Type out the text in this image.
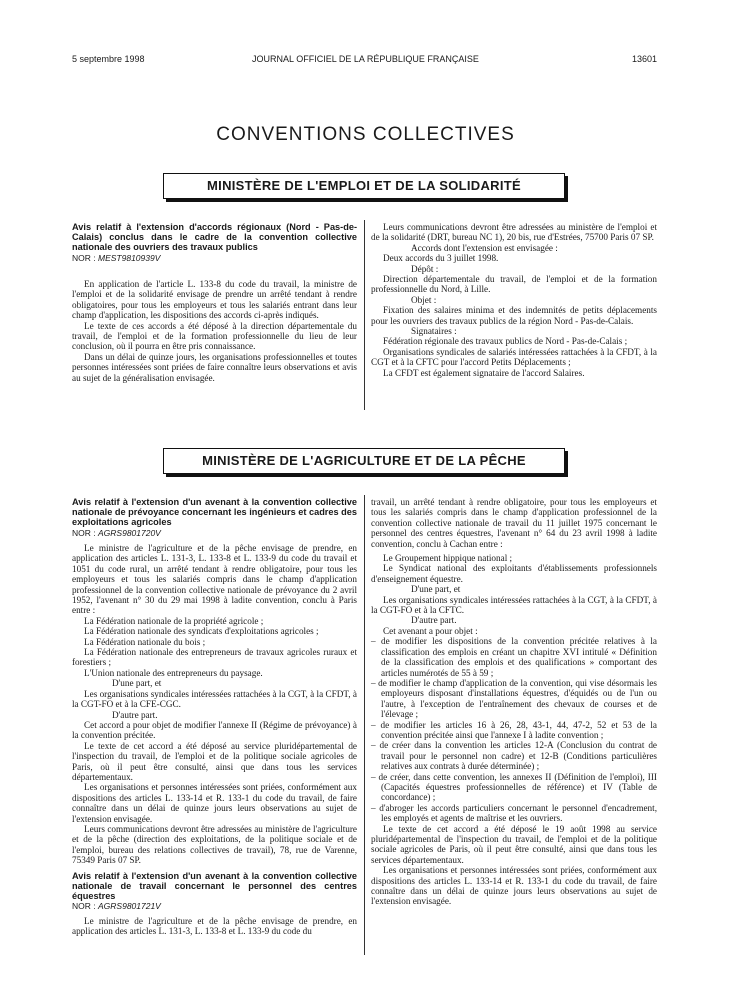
5 septembre 1998	JOURNAL OFFICIEL DE LA RÉPUBLIQUE FRANÇAISE	13601
CONVENTIONS COLLECTIVES
MINISTÈRE DE L'EMPLOI ET DE LA SOLIDARITÉ

Avis relatif à l'extension d'accords régionaux (Nord - Pas-de-Calais) conclus dans le cadre de la convention collective nationale des ouvriers des travaux publics

NOR : MESТ9810939V

En application de l'article L. 133-8 du code du travail, la ministre de l'emploi et de la solidarité envisage de prendre un arrêté tendant à rendre obligatoires, pour tous les employeurs et tous les salariés entrant dans leur champ d'application, les dispositions des accords ci-après indiqués.

Le texte de ces accords a été déposé à la direction départementale du travail, de l'emploi et de la formation professionnelle du lieu de leur conclusion, où il pourra en être pris connaissance.

Dans un délai de quinze jours, les organisations professionnelles et toutes personnes intéressées sont priées de faire connaître leurs observations et avis au sujet de la généralisation envisagée.

Leurs communications devront être adressées au ministère de l'emploi et de la solidarité (DRT, bureau NC 1), 20 bis, rue d'Estrées, 75700 Paris 07 SP.

Accords dont l'extension est envisagée :

Deux accords du 3 juillet 1998.

Dépôt :

Direction départementale du travail, de l'emploi et de la formation professionnelle du Nord, à Lille.

Objet :

Fixation des salaires minima et des indemnités de petits déplacements pour les ouvriers des travaux publics de la région Nord - Pas-de-Calais.

Signataires :

Fédération régionale des travaux publics de Nord - Pas-de-Calais ;

Organisations syndicales de salariés intéressées rattachées à la CFDT, à la CGT et à la CFTC pour l'accord Petits Déplacements ;

La CFDT est également signataire de l'accord Salaires.

MINISTÈRE DE L'AGRICULTURE ET DE LA PÊCHE

Avis relatif à l'extension d'un avenant à la convention collective nationale de prévoyance concernant les ingénieurs et cadres des exploitations agricoles

NOR : AGRS9801720V

Le ministre de l'agriculture et de la pêche envisage de prendre, en application des articles L. 131-3, L. 133-8 et L. 133-9 du code du travail et 1051 du code rural, un arrêté tendant à rendre obligatoire, pour tous les employeurs et tous les salariés compris dans le champ d'application professionnel de la convention collective nationale de prévoyance du 2 avril 1952, l'avenant n° 30 du 29 mai 1998 à ladite convention, conclu à Paris entre :

La Fédération nationale de la propriété agricole ;

La Fédération nationale des syndicats d'exploitations agricoles ;

La Fédération nationale du bois ;

La Fédération nationale des entrepreneurs de travaux agricoles ruraux et forestiers ;

L'Union nationale des entrepreneurs du paysage.

D'une part, et

Les organisations syndicales intéressées rattachées à la CGT, à la CFDT, à la CGT-FO et à la CFE-CGC.

D'autre part.

Cet accord a pour objet de modifier l'annexe II (Régime de prévoyance) à la convention précitée.

Le texte de cet accord a été déposé au service pluridépartemental de l'inspection du travail, de l'emploi et de la politique sociale agricoles de Paris, où il peut être consulté, ainsi que dans tous les services départementaux.

Les organisations et personnes intéressées sont priées, conformément aux dispositions des articles L. 133-14 et R. 133-1 du code du travail, de faire connaître dans un délai de quinze jours leurs observations au sujet de l'extension envisagée.

Leurs communications devront être adressées au ministère de l'agriculture et de la pêche (direction des exploitations, de la politique sociale et de l'emploi, bureau des relations collectives de travail), 78, rue de Varenne, 75349 Paris 07 SP.

Avis relatif à l'extension d'un avenant à la convention collective nationale de travail concernant le personnel des centres équestres

NOR : AGRS9801721V

Le ministre de l'agriculture et de la pêche envisage de prendre, en application des articles L. 131-3, L. 133-8 et L. 133-9 du code du

travail, un arrêté tendant à rendre obligatoire, pour tous les employeurs et tous les salariés compris dans le champ d'application professionnel de la convention collective nationale de travail du 11 juillet 1975 concernant le personnel des centres équestres, l'avenant n° 64 du 23 avril 1998 à ladite convention, conclu à Cachan entre :

Le Groupement hippique national ;

Le Syndicat national des exploitants d'établissements professionnels d'enseignement équestre.

D'une part, et

Les organisations syndicales intéressées rattachées à la CGT, à la CFDT, à la CGT-FO et à la CFTC.

D'autre part.

Cet avenant a pour objet :

– de modifier les dispositions de la convention précitée relatives à la classification des emplois en créant un chapitre XVI intitulé « Définition de la classification des emplois et des qualifications » comportant des articles numérotés de 55 à 59 ;

– de modifier le champ d'application de la convention, qui vise désormais les employeurs disposant d'installations équestres, d'équidés ou de l'un ou l'autre, à l'exception de l'entraînement des chevaux de courses et de l'élevage ;

– de modifier les articles 16 à 26, 28, 43-1, 44, 47-2, 52 et 53 de la convention précitée ainsi que l'annexe I à ladite convention ;

– de créer dans la convention les articles 12-A (Conclusion du contrat de travail pour le personnel non cadre) et 12-B (Conditions particulières relatives aux contrats à durée déterminée) ;

– de créer, dans cette convention, les annexes II (Définition de l'emploi), III (Capacités équestres professionnelles de référence) et IV (Table de concordance) ;

– d'abroger les accords particuliers concernant le personnel d'encadrement, les employés et agents de maîtrise et les ouvriers.

Le texte de cet accord a été déposé le 19 août 1998 au service pluridépartemental de l'inspection du travail, de l'emploi et de la politique sociale agricoles de Paris, où il peut être consulté, ainsi que dans tous les services départementaux.

Les organisations et personnes intéressées sont priées, conformément aux dispositions des articles L. 133-14 et R. 133-1 du code du travail, de faire connaître dans un délai de quinze jours leurs observations au sujet de l'extension envisagée.
